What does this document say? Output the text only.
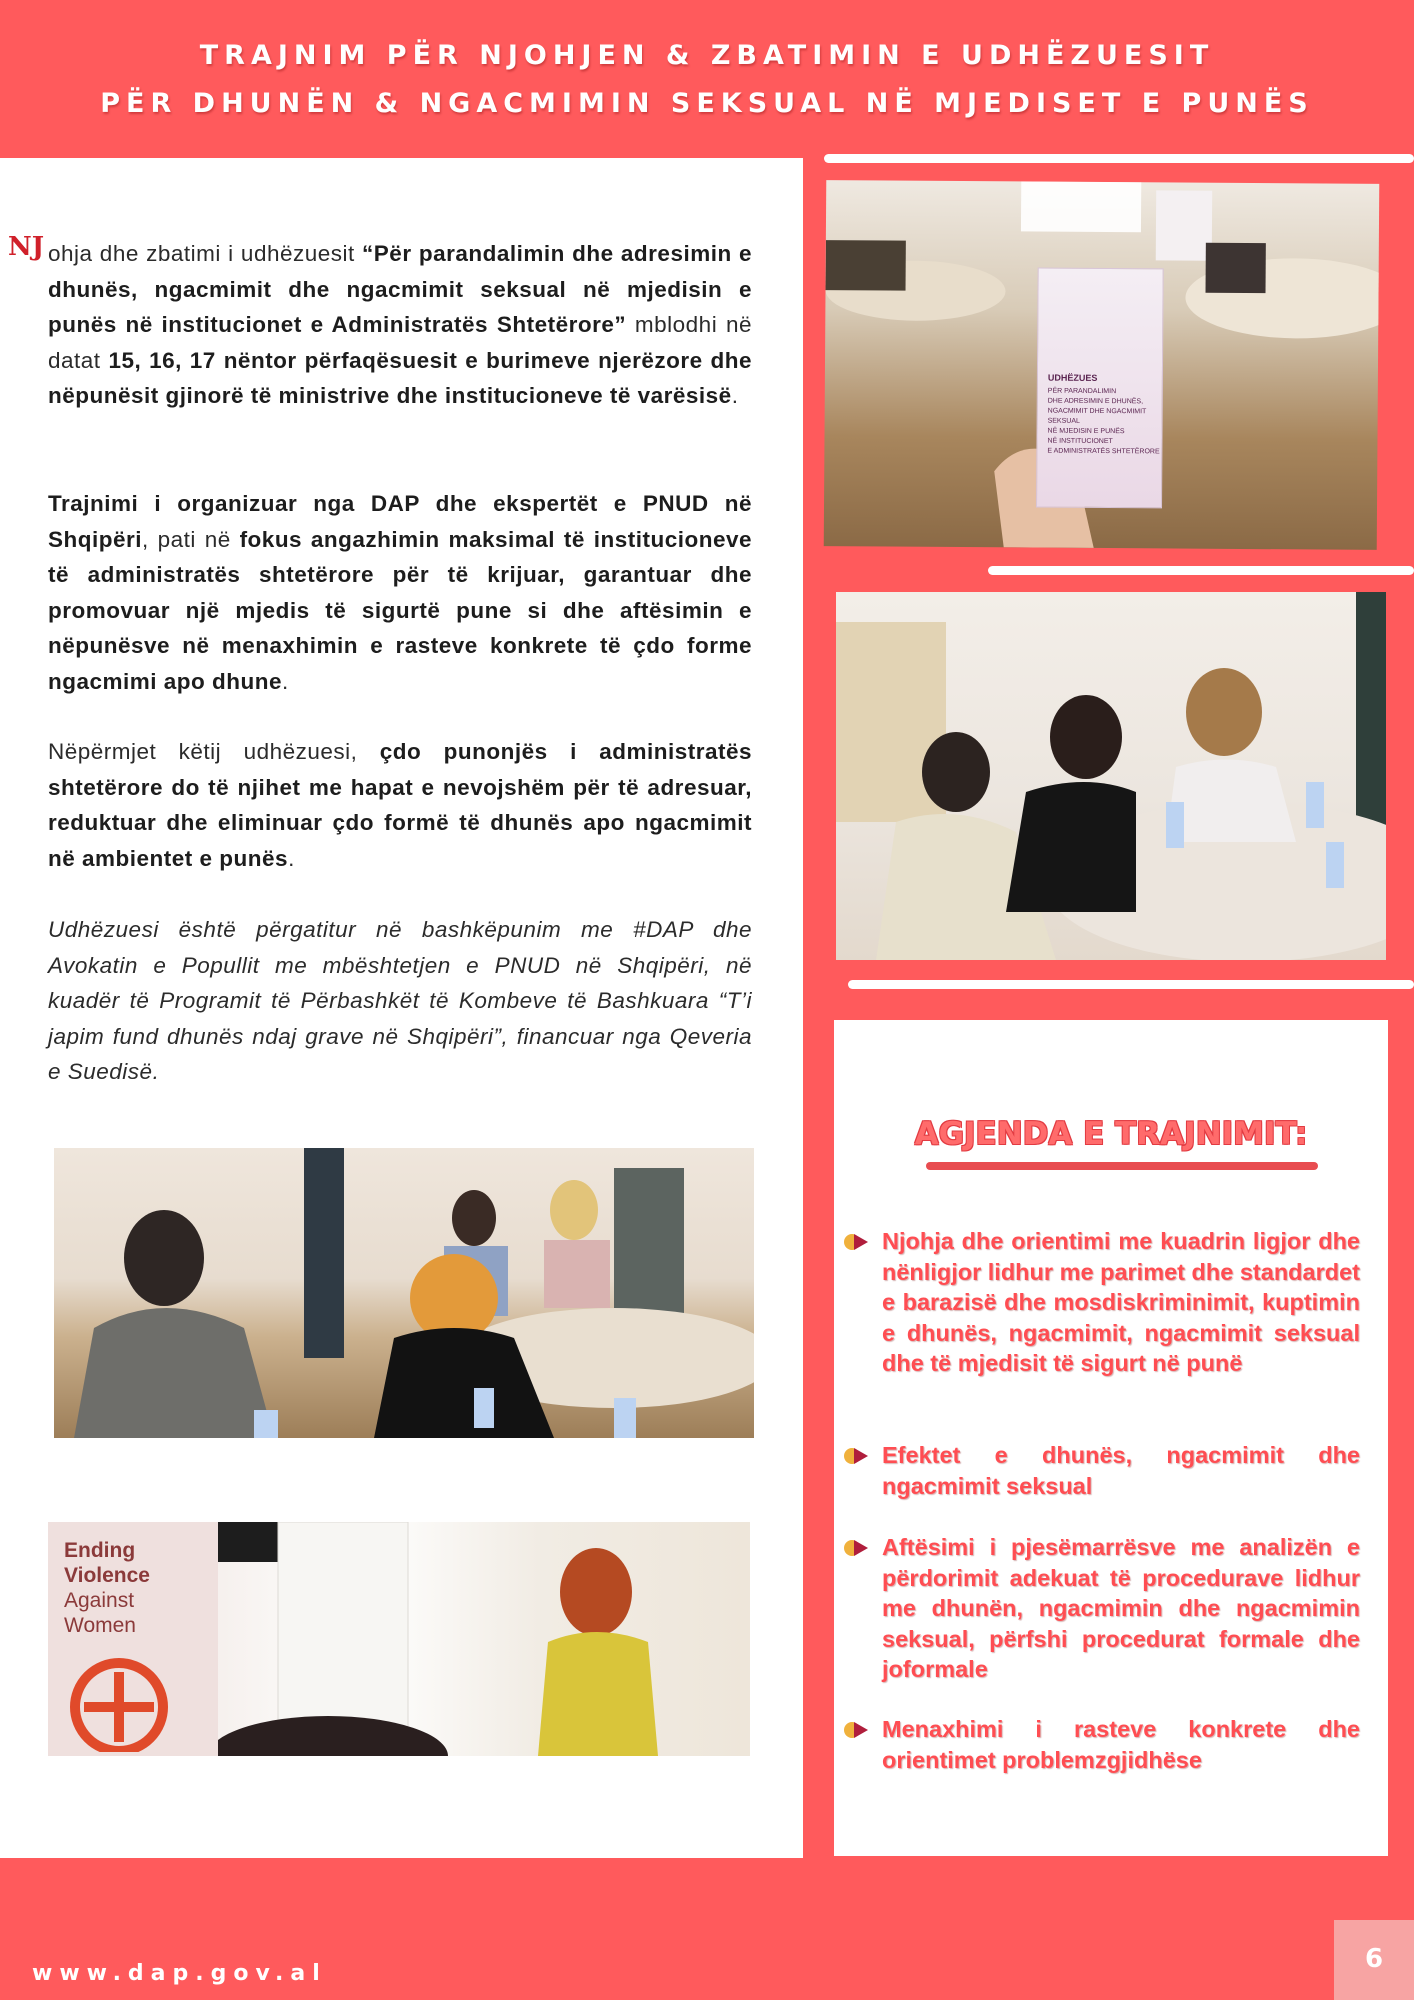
TRAJNIM PËR NJOHJEN & ZBATIMIN E UDHËZUESIT
PËR DHUNËN & NGACMIMIN SEKSUAL NË MJEDISET E PUNËS
NJ ohja dhe zbatimi i udhëzuesit “Për parandalimin dhe adresimin e dhunës, ngacmimit dhe ngacmimit seksual në mjedisin e punës në institucionet e Administratës Shtetërore” mblodhi në datat 15, 16, 17 nëntor përfaqësuesit e burimeve njerëzore dhe nëpunësit gjinorë të ministrive dhe institucioneve të varësisë.
Trajnimi i organizuar nga DAP dhe ekspertët e PNUD në Shqipëri, pati në fokus angazhimin maksimal të institucioneve të administratës shtetërore për të krijuar, garantuar dhe promovuar një mjedis të sigurtë pune si dhe aftësimin e nëpunësve në menaxhimin e rasteve konkrete të çdo forme ngacmimi apo dhune.
Nëpërmjet këtij udhëzuesi, çdo punonjës i administratës shtetërore do të njihet me hapat e nevojshëm për të adresuar, reduktuar dhe eliminuar çdo formë të dhunës apo ngacmimit në ambientet e punës.
Udhëzuesi është përgatitur në bashkëpunim me #DAP dhe Avokatin e Popullit me mbështetjen e PNUD në Shqipëri, në kuadër të Programit të Përbashkët të Kombeve të Bashkuara “T’i japim fund dhunës ndaj grave në Shqipëri”, financuar nga Qeveria e Suedisë.
Ending
Violence
Against
Women
UDHËZUES
PËR PARANDALIMIN
DHE ADRESIMIN E DHUNËS,
NGACMIMIT DHE NGACMIMIT SEKSUAL
NË MJEDISIN E PUNËS
NË INSTITUCIONET
E ADMINISTRATËS SHTETËRORE
AGJENDA E TRAJNIMIT:
Njohja dhe orientimi me kuadrin ligjor dhe nënligjor lidhur me parimet dhe standardet e barazisë dhe mosdiskriminimit, kuptimin e dhunës, ngacmimit, ngacmimit seksual dhe të mjedisit të sigurt në punë
Efektet e dhunës, ngacmimit dhe ngacmimit seksual
Aftësimi i pjesëmarrësve me analizën e përdorimit adekuat të procedurave lidhur me dhunën, ngacmimin dhe ngacmimin seksual, përfshi procedurat formale dhe joformale
Menaxhimi i rasteve konkrete dhe orientimet problemzgjidhëse
www.dap.gov.al	6
